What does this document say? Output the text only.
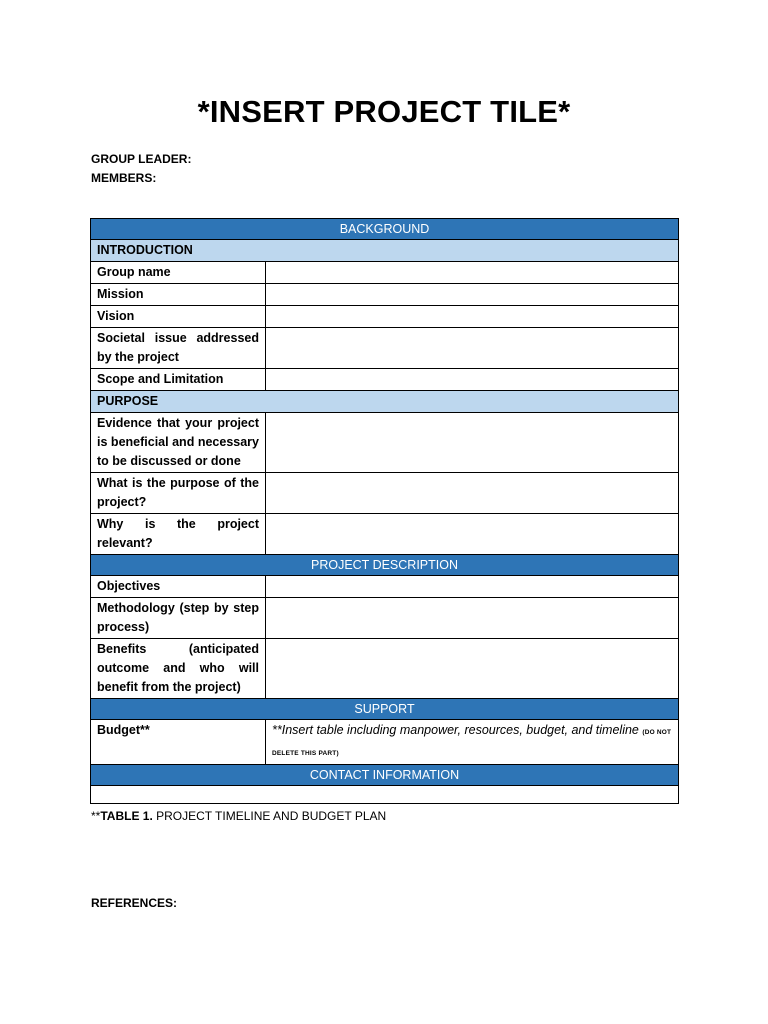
*INSERT PROJECT TILE*
GROUP LEADER:
MEMBERS:
BACKGROUND	
INTRODUCTION	
Group name	
Mission	
Vision	
Societal issue addressed by the project	
Scope and Limitation	
PURPOSE	
Evidence that your project is beneficial and necessary to be discussed or done	
What is the purpose of the project?	
Why is the project relevant?	
PROJECT DESCRIPTION	
Objectives	
Methodology (step by step process)	
Benefits (anticipated outcome and who will benefit from the project)	
SUPPORT	
Budget**	**Insert table including manpower, resources, budget, and timeline (DO NOT DELETE THIS PART)
CONTACT INFORMATION	

**TABLE 1. PROJECT TIMELINE AND BUDGET PLAN
REFERENCES:
